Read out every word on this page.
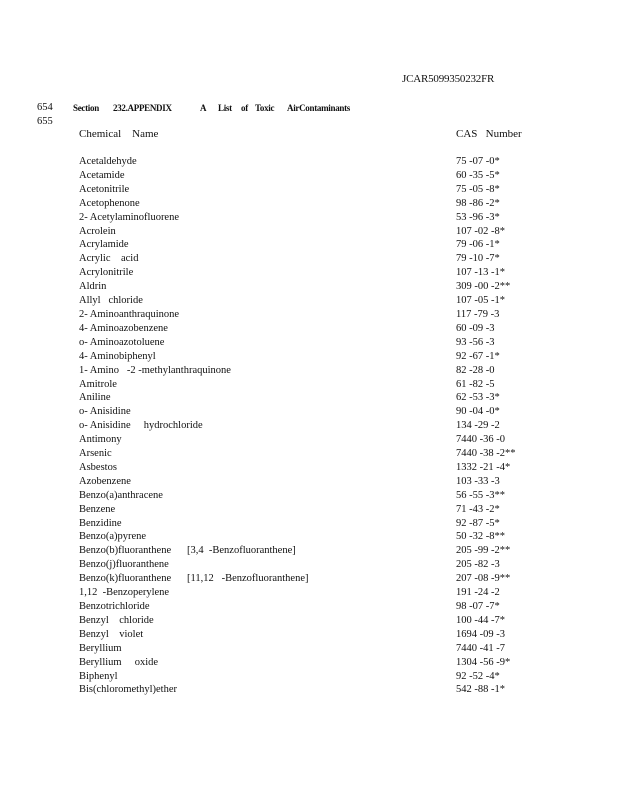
JCAR5099350232FR
654
655
Section 232.APPENDIX	A List of Toxic AirContaminants
Chemical    Name	CAS   Number
Acetaldehyde	75 -07 -0*
Acetamide	60 -35 -5*
Acetonitrile	75 -05 -8*
Acetophenone	98 -86 -2*
2- Acetylaminofluorene	53 -96 -3*
Acrolein	107 -02 -8*
Acrylamide	79 -06 -1*
Acrylic    acid	79 -10 -7*
Acrylonitrile	107 -13 -1*
Aldrin	309 -00 -2**
Allyl   chloride	107 -05 -1*
2- Aminoanthraquinone	117 -79 -3
4- Aminoazobenzene	60 -09 -3
o- Aminoazotoluene	93 -56 -3
4- Aminobiphenyl	92 -67 -1*
1- Amino   -2 -methylanthraquinone	82 -28 -0
Amitrole	61 -82 -5
Aniline	62 -53 -3*
o- Anisidine	90 -04 -0*
o- Anisidine     hydrochloride	134 -29 -2
Antimony	7440 -36 -0
Arsenic	7440 -38 -2**
Asbestos	1332 -21 -4*
Azobenzene	103 -33 -3
Benzo(a)anthracene	56 -55 -3**
Benzene	71 -43 -2*
Benzidine	92 -87 -5*
Benzo(a)pyrene	50 -32 -8**
Benzo(b)fluoranthene [3,4  -Benzofluoranthene]	205 -99 -2**
Benzo(j)fluoranthene	205 -82 -3
Benzo(k)fluoranthene [11,12   -Benzofluoranthene]	207 -08 -9**
1,12  -Benzoperylene	191 -24 -2
Benzotrichloride	98 -07 -7*
Benzyl    chloride	100 -44 -7*
Benzyl    violet	1694 -09 -3
Beryllium	7440 -41 -7
Beryllium     oxide	1304 -56 -9*
Biphenyl	92 -52 -4*
Bis(chloromethyl)ether	542 -88 -1*
